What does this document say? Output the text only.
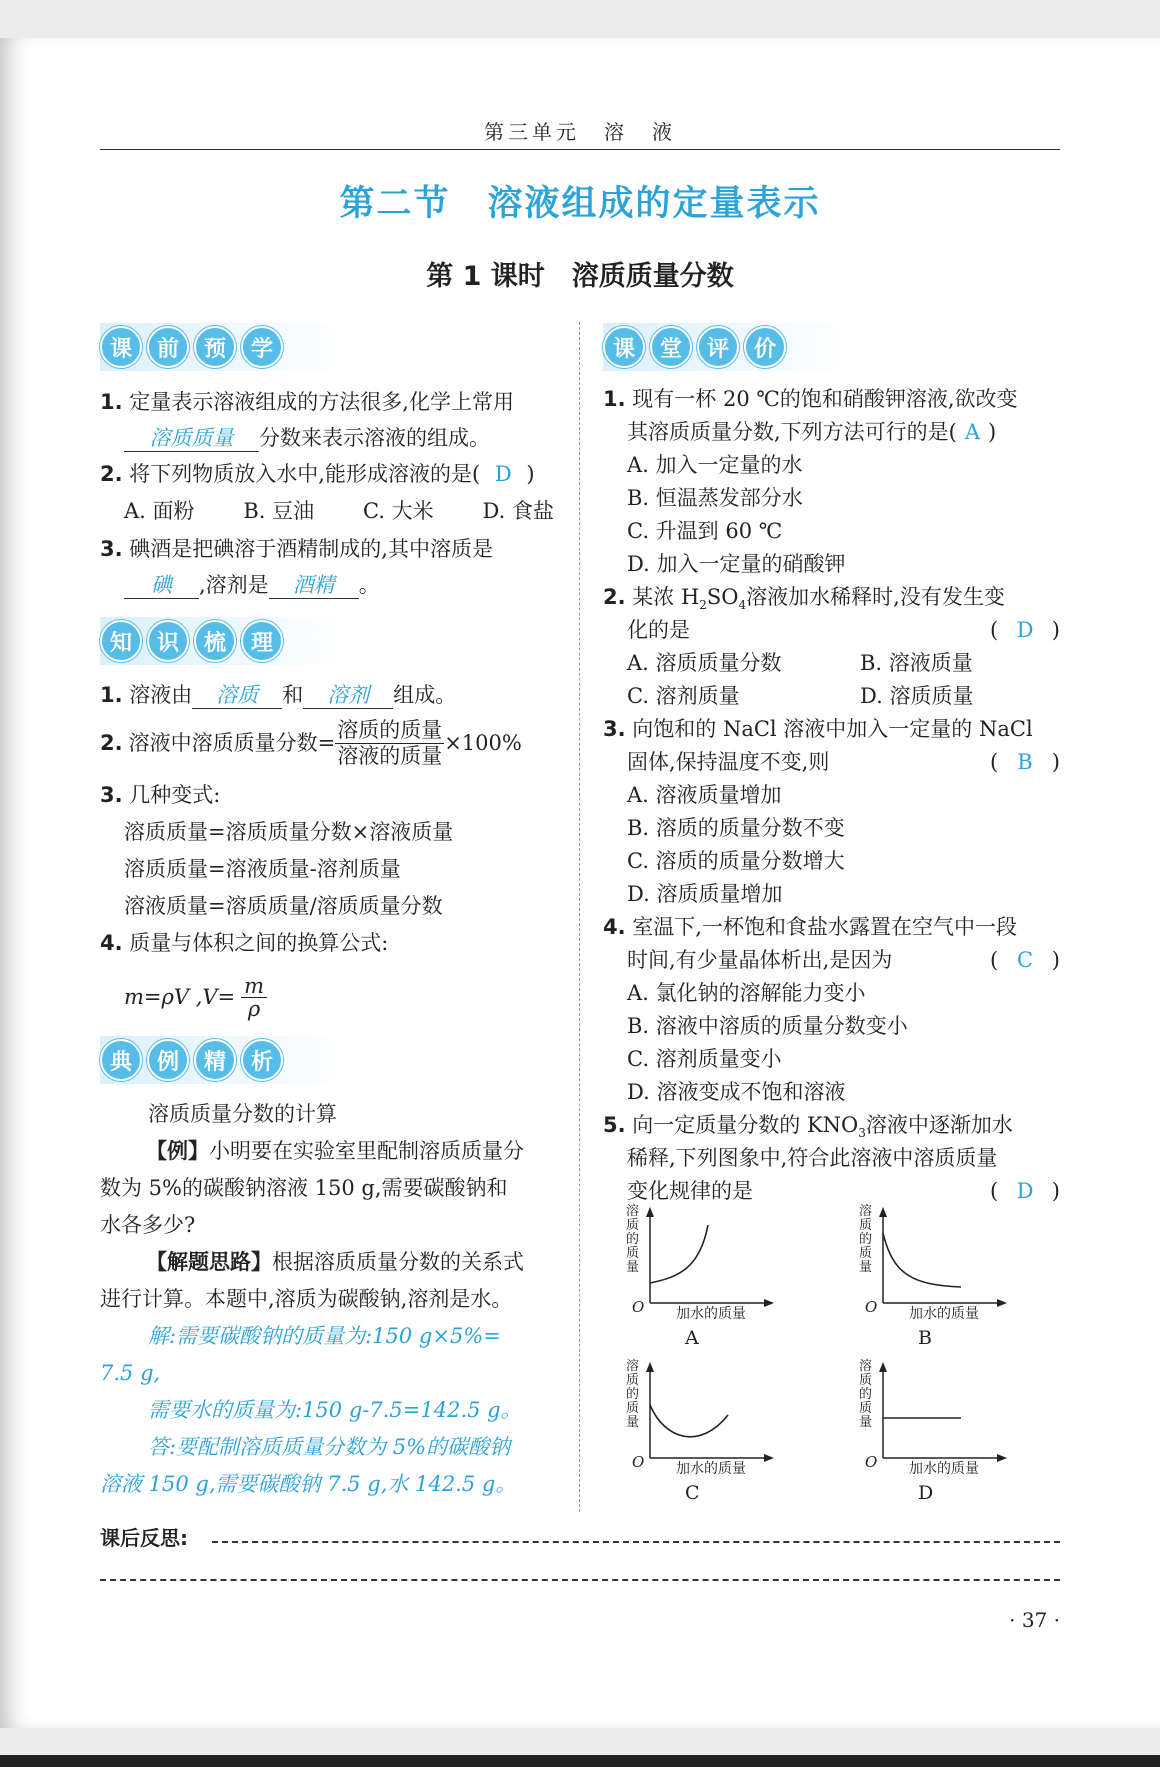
第三单元　溶　液
第二节　溶液组成的定量表示
第 1 课时　溶质质量分数
课	前	预	学
1. 定量表示溶液组成的方法很多,化学上常用
溶质质量 分数来表示溶液的组成。
2. 将下列物质放入水中,能形成溶液的是( D )
A. 面粉 B. 豆油 C. 大米 D. 食盐
3. 碘酒是把碘溶于酒精制成的,其中溶质是
碘 ,溶剂是 酒精 。
知	识	梳	理
1. 溶液由 溶质 和 溶剂 组成。
2. 溶液中溶质质量分数= $\frac{\text{溶质的质量}}{\text{溶液的质量}} \times 100\%$
3. 几种变式:
溶质质量=溶质质量分数×溶液质量
溶质质量=溶液质量-溶剂质量
溶液质量=溶质质量/溶质质量分数
4. 质量与体积之间的换算公式:
m=ρV $,V= \frac{m}{\rho}$
典	例	精	析
溶质质量分数的计算
【例】小明要在实验室里配制溶质质量分
数为 5%的碳酸钠溶液 150 g,需要碳酸钠和
水各多少?
【解题思路】根据溶质质量分数的关系式
进行计算。本题中,溶质为碳酸钠,溶剂是水。
解:需要碳酸钠的质量为:150 g×5%=
7.5 g,
需要水的质量为:150 g-7.5=142.5 g。
答:要配制溶质质量分数为 5%的碳酸钠
溶液 150 g,需要碳酸钠 7.5 g,水 142.5 g。
课	堂	评	价
1. 现有一杯 20 ℃的饱和硝酸钾溶液,欲改变
其溶质质量分数,下列方法可行的是( A )
A. 加入一定量的水
B. 恒温蒸发部分水
C. 升温到 60 ℃
D. 加入一定量的硝酸钾
2. 某浓 $H_2SO_4$溶液加水稀释时,没有发生变
化的是	( D )
A. 溶质质量分数	B. 溶液质量
C. 溶剂质量	D. 溶质质量
3. 向饱和的 NaCl 溶液中加入一定量的 NaCl
固体,保持温度不变,则	( B )
A. 溶液质量增加
B. 溶质的质量分数不变
C. 溶质的质量分数增大
D. 溶质质量增加
4. 室温下,一杯饱和食盐水露置在空气中一段
时间,有少量晶体析出,是因为	( C )
A. 氯化钠的溶解能力变小
B. 溶液中溶质的质量分数变小
C. 溶剂质量变小
D. 溶液变成不饱和溶液
5. 向一定质量分数的 $KNO_3$溶液中逐渐加水
稀释,下列图象中,符合此溶液中溶质质量
变化规律的是	( D )
溶
质
的
质
量
O 加水的质量
A
溶
质
的
质
量
O 加水的质量
B
溶
质
的
质
量
O 加水的质量
C
溶
质
的
质
量
O 加水的质量
D
课后反思:
· 37 ·
